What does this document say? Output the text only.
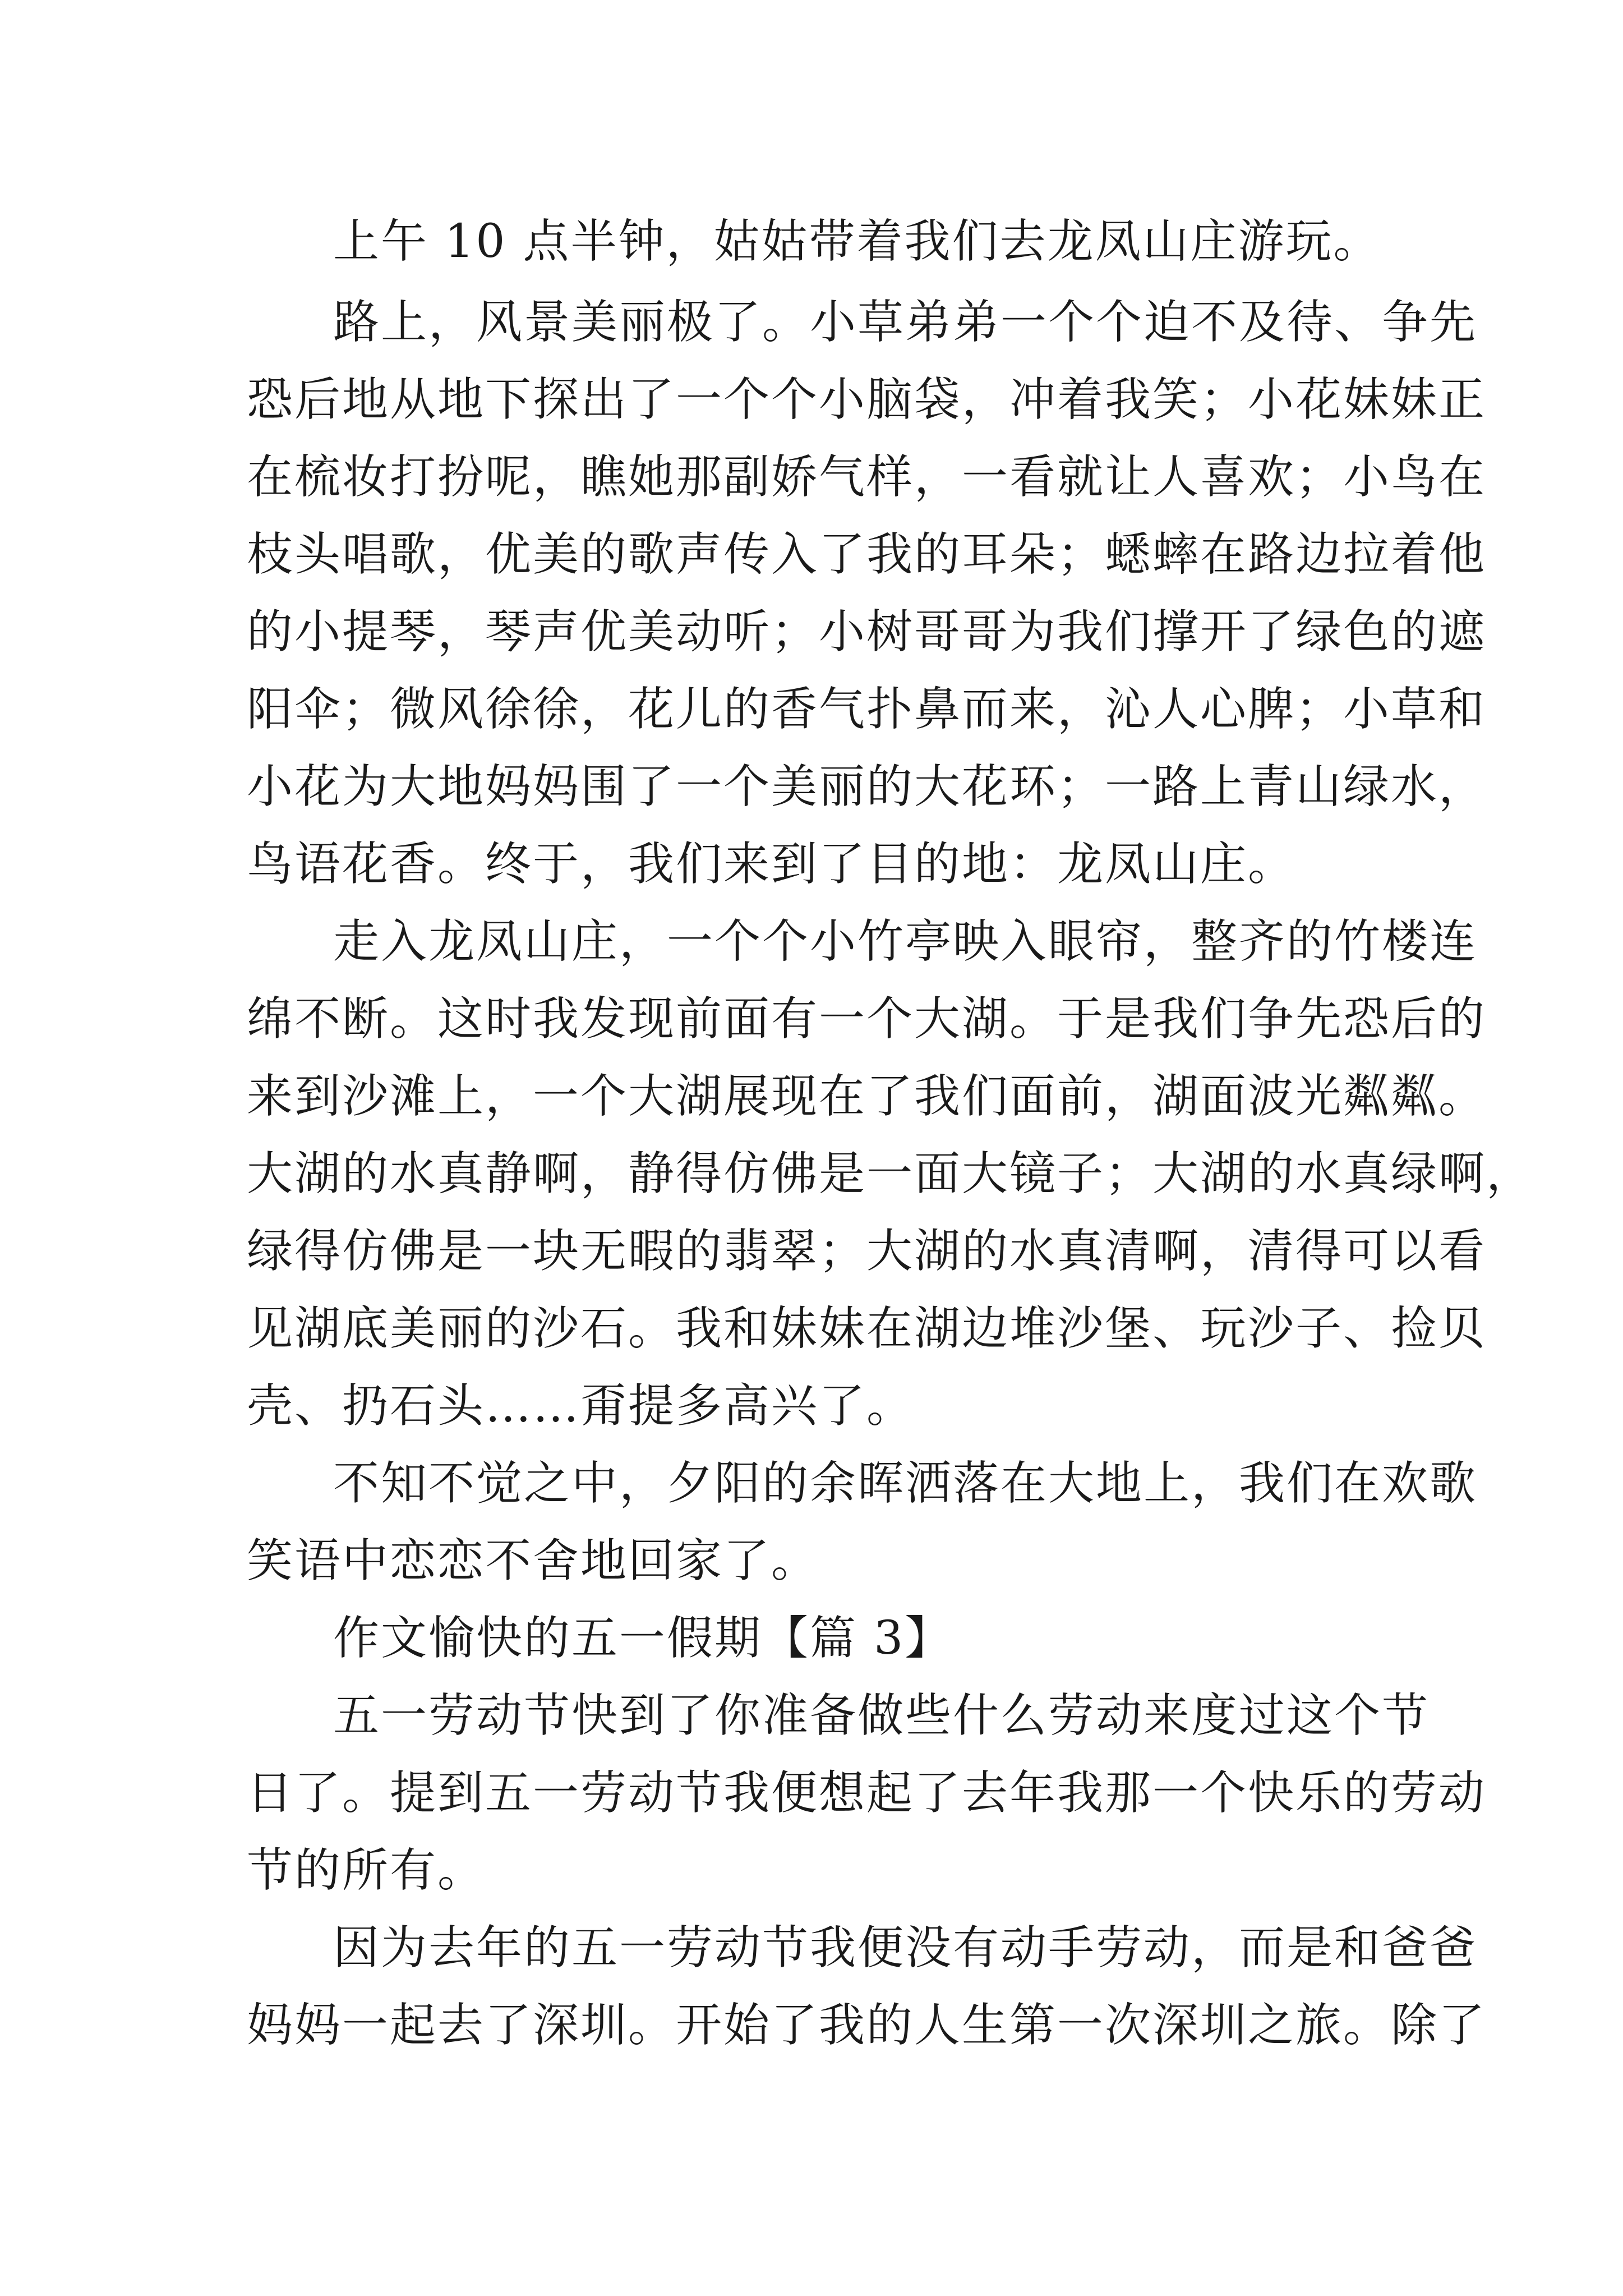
上午 10 点半钟，姑姑带着我们去龙凤山庄游玩。

路上，风景美丽极了。小草弟弟一个个迫不及待、争先

恐后地从地下探出了一个个小脑袋，冲着我笑；小花妹妹正

在梳妆打扮呢，瞧她那副娇气样，一看就让人喜欢；小鸟在

枝头唱歌，优美的歌声传入了我的耳朵；蟋蟀在路边拉着他

的小提琴，琴声优美动听；小树哥哥为我们撑开了绿色的遮

阳伞；微风徐徐，花儿的香气扑鼻而来，沁人心脾；小草和

小花为大地妈妈围了一个美丽的大花环；一路上青山绿水，

鸟语花香。终于，我们来到了目的地：龙凤山庄。

走入龙凤山庄，一个个小竹亭映入眼帘，整齐的竹楼连

绵不断。这时我发现前面有一个大湖。于是我们争先恐后的

来到沙滩上，一个大湖展现在了我们面前，湖面波光粼粼。

大湖的水真静啊，静得仿佛是一面大镜子；大湖的水真绿啊，

绿得仿佛是一块无暇的翡翠；大湖的水真清啊，清得可以看

见湖底美丽的沙石。我和妹妹在湖边堆沙堡、玩沙子、捡贝

壳、扔石头……甭提多高兴了。

不知不觉之中，夕阳的余晖洒落在大地上，我们在欢歌

笑语中恋恋不舍地回家了。

作文愉快的五一假期【篇 3】

五一劳动节快到了你准备做些什么劳动来度过这个节

日了。提到五一劳动节我便想起了去年我那一个快乐的劳动

节的所有。

因为去年的五一劳动节我便没有动手劳动，而是和爸爸

妈妈一起去了深圳。开始了我的人生第一次深圳之旅。除了
